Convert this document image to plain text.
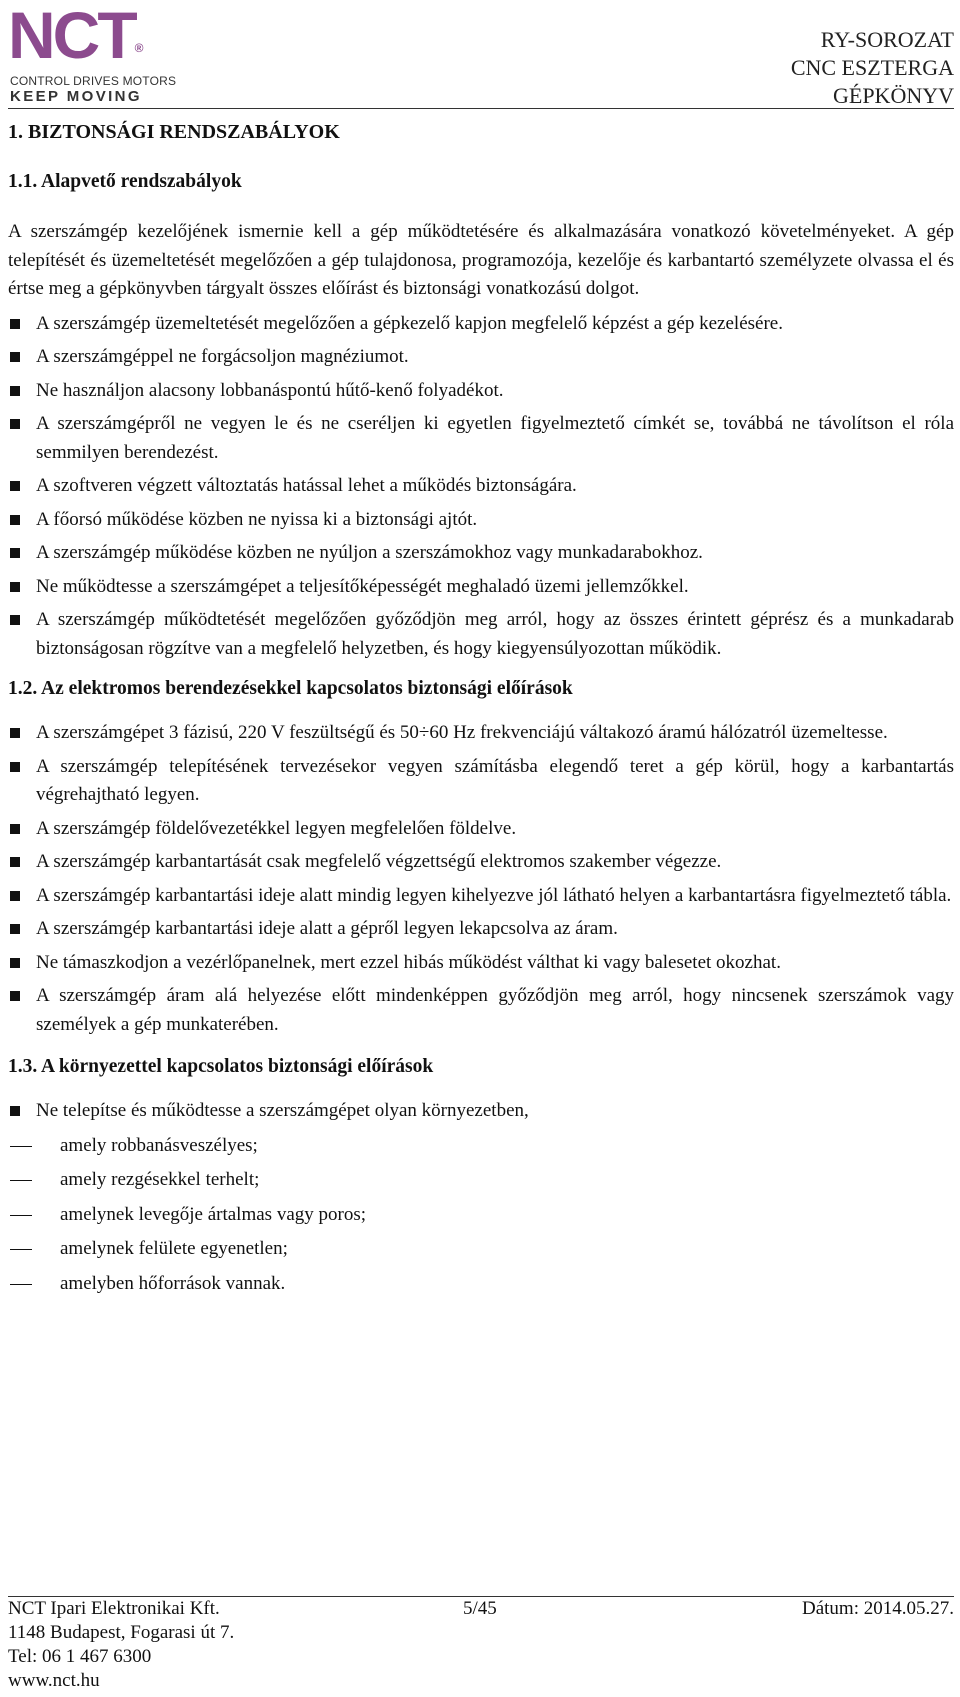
NCT®
CONTROL DRIVES MOTORS
KEEP MOVING
RY-SOROZAT
CNC ESZTERGA
GÉPKÖNYV
1. BIZTONSÁGI RENDSZABÁLYOK
1.1. Alapvető rendszabályok
A szerszámgép kezelőjének ismernie kell a gép működtetésére és alkalmazására vonatkozó követelményeket. A gép telepítését és üzemeltetését megelőzően a gép tulajdonosa, programozója, kezelője és karbantartó személyzete olvassa el és értse meg a gépkönyvben tárgyalt összes előírást és biztonsági vonatkozású dolgot.
A szerszámgép üzemeltetését megelőzően a gépkezelő kapjon megfelelő képzést a gép kezelésére.
A szerszámgéppel ne forgácsoljon magnéziumot.
Ne használjon alacsony lobbanáspontú hűtő-kenő folyadékot.
A szerszámgépről ne vegyen le és ne cseréljen ki egyetlen figyelmeztető címkét se, továbbá ne távolítson el róla semmilyen berendezést.
A szoftveren végzett változtatás hatással lehet a működés biztonságára.
A főorsó működése közben ne nyissa ki a biztonsági ajtót.
A szerszámgép működése közben ne nyúljon a szerszámokhoz vagy munkadarabokhoz.
Ne működtesse a szerszámgépet a teljesítőképességét meghaladó üzemi jellemzőkkel.
A szerszámgép működtetését megelőzően győződjön meg arról, hogy az összes érintett géprész és a munkadarab biztonságosan rögzítve van a megfelelő helyzetben, és hogy kiegyensúlyozottan működik.
1.2. Az elektromos berendezésekkel kapcsolatos biztonsági előírások
A szerszámgépet 3 fázisú, 220 V feszültségű és 50÷60 Hz frekvenciájú váltakozó áramú hálózatról üzemeltesse.
A szerszámgép telepítésének tervezésekor vegyen számításba elegendő teret a gép körül, hogy a karbantartás végrehajtható legyen.
A szerszámgép földelővezetékkel legyen megfelelően földelve.
A szerszámgép karbantartását csak megfelelő végzettségű elektromos szakember végezze.
A szerszámgép karbantartási ideje alatt mindig legyen kihelyezve jól látható helyen a karbantartásra figyelmeztető tábla.
A szerszámgép karbantartási ideje alatt a gépről legyen lekapcsolva az áram.
Ne támaszkodjon a vezérlőpanelnek, mert ezzel hibás működést válthat ki vagy balesetet okozhat.
A szerszámgép áram alá helyezése előtt mindenképpen győződjön meg arról, hogy nincsenek szerszámok vagy személyek a gép munkaterében.
1.3. A környezettel kapcsolatos biztonsági előírások
Ne telepítse és működtesse a szerszámgépet olyan környezetben,
amely robbanásveszélyes;
amely rezgésekkel terhelt;
amelynek levegője ártalmas vagy poros;
amelynek felülete egyenetlen;
amelyben hőforrások vannak.
NCT Ipari Elektronikai Kft.	5/45	Dátum: 2014.05.27.
1148 Budapest, Fogarasi út 7.
Tel: 06 1 467 6300
www.nct.hu
